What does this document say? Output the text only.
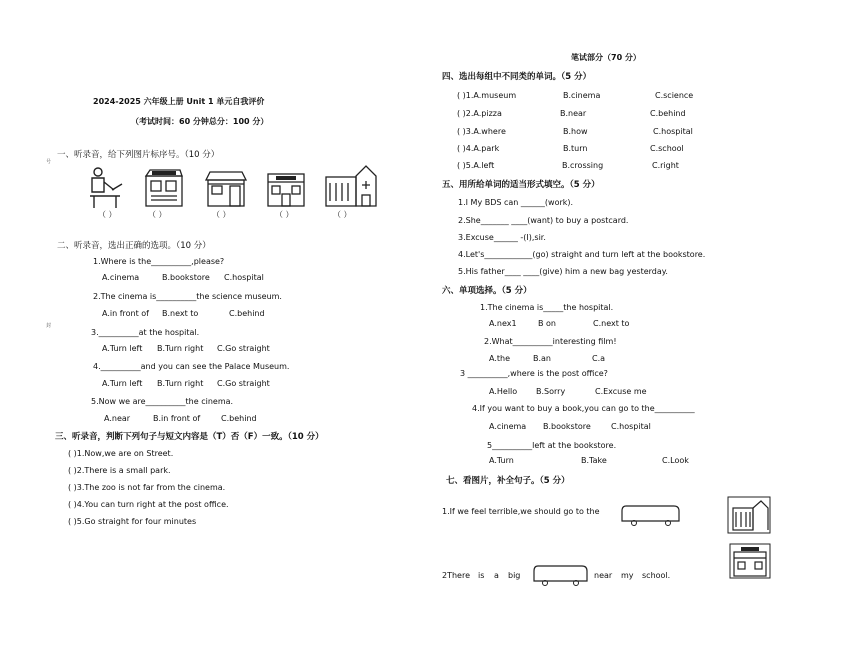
2024-2025 六年级上册 Unit 1 单元自我评价
（考试时间：60 分钟总分：100 分）
号
封
一、听录音，给下列图片标序号。（10 分）
（ ）	（ ）	（ ）	（ ）	（ ）
二、听录音，选出正确的选项。（10 分）
1.Where is the__________,please?
A.cinema	B.bookstore C.hospital
2.The cinema is__________the science museum.
A.in front of B.next to	C.behind
3.__________at the hospital.
A.Turn left B.Turn right C.Go straight
4.__________and you can see the Palace Museum.
A.Turn left B.Turn right C.Go straight
5.Now we are__________the cinema.
A.near	B.in front of	C.behind
三、听录音，判断下列句子与短文内容是（T）否（F）一致。（10 分）
( )1.Now,we are on Street.
( )2.There is a small park.
( )3.The zoo is not far from the cinema.
( )4.You can turn right at the post office.
( )5.Go straight for four minutes
笔试部分（70 分）
四、选出每组中不同类的单词。（5 分）
( )1.A.museum	B.cinema	C.science
( )2.A.pizza	B.near	C.behind
( )3.A.where	B.how	C.hospital
( )4.A.park	B.turn	C.school
( )5.A.left	B.crossing	C.right
五、用所给单词的适当形式填空。（5 分）
1.I My BDS can ______(work).
2.She_______ ____(want) to buy a postcard.
3.Excuse______ -(I),sir.
4.Let's____________(go) straight and turn left at the bookstore.
5.His father____ ____(give) him a new bag yesterday.
六、单项选择。（5 分）
1.The cinema is_____the hospital.
A.nex1	B on	C.next to
2.What__________interesting film!
A.the	B.an	C.a
3 __________,where is the post office?
A.Hello B.Sorry	C.Excuse me
4.If you want to buy a book,you can go to the__________
A.cinema B.bookstore	C.hospital
5__________left at the bookstore.
A.Turn	B.Take	C.Look
七、看图片，补全句子。（5 分）
1.If we feel terrible,we should go to the
2There is a big	near my school.
